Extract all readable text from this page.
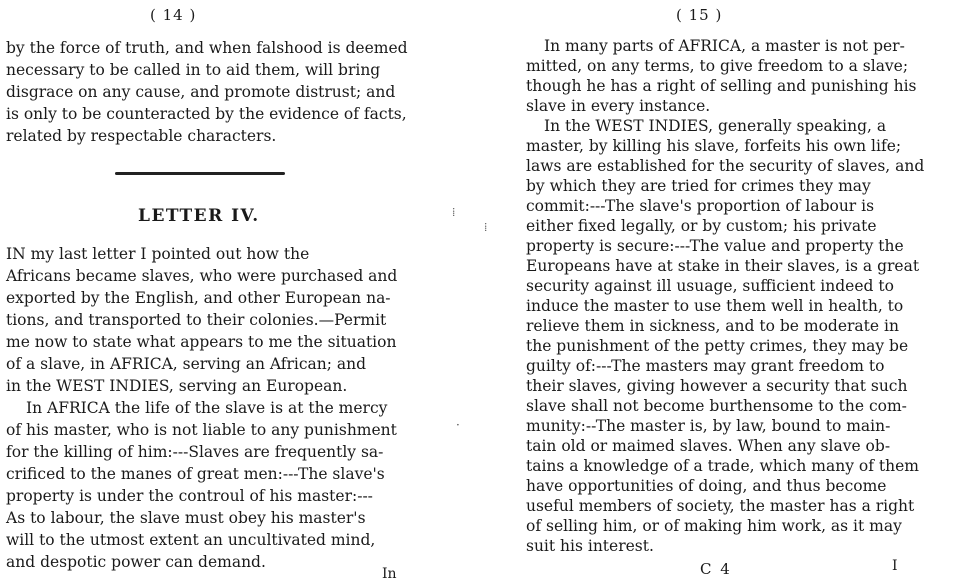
( 14 )
by the force of truth, and when falshood is deemed
necessary to be called in to aid them, will bring
disgrace on any cause, and promote distrust; and
is only to be counteracted by the evidence of facts,
related by respectable characters.
LETTER IV.
IN my last letter I pointed out how the
Africans became slaves, who were purchased and
exported by the English, and other European na-
tions, and transported to their colonies.—Permit
me now to state what appears to me the situation
of a slave, in AFRICA, serving an African; and
in the WEST INDIES, serving an European.
In AFRICA the life of the slave is at the mercy
of his master, who is not liable to any punishment
for the killing of him:---Slaves are frequently sa-
crificed to the manes of great men:---The slave's
property is under the controul of his master:---
As to labour, the slave must obey his master's
will to the utmost extent an uncultivated mind,
and despotic power can demand.
In
⁞
⁞
·
( 15 )
In many parts of AFRICA, a master is not per-
mitted, on any terms, to give freedom to a slave;
though he has a right of selling and punishing his
slave in every instance.
In the WEST INDIES, generally speaking, a
master, by killing his slave, forfeits his own life;
laws are established for the security of slaves, and
by which they are tried for crimes they may
commit:---The slave's proportion of labour is
either fixed legally, or by custom; his private
property is secure:---The value and property the
Europeans have at stake in their slaves, is a great
security against ill usuage, sufficient indeed to
induce the master to use them well in health, to
relieve them in sickness, and to be moderate in
the punishment of the petty crimes, they may be
guilty of:---The masters may grant freedom to
their slaves, giving however a security that such
slave shall not become burthensome to the com-
munity:--The master is, by law, bound to main-
tain old or maimed slaves. When any slave ob-
tains a knowledge of a trade, which many of them
have opportunities of doing, and thus become
useful members of society, the master has a right
of selling him, or of making him work, as it may
suit his interest.
C 4	I
